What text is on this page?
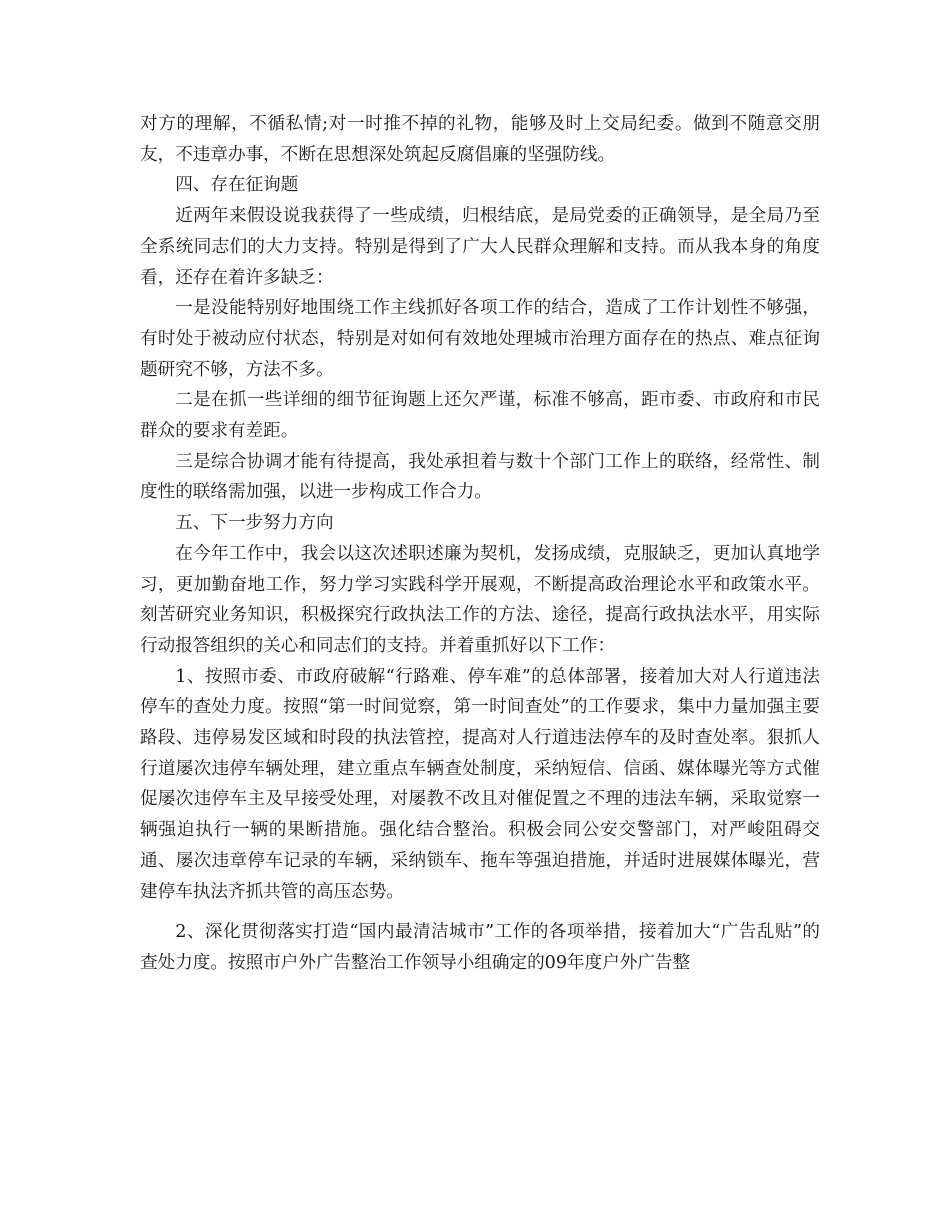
对方的理解，不循私情;对一时推不掉的礼物，能够及时上交局纪委。做到不随意交朋友，不违章办事，不断在思想深处筑起反腐倡廉的坚强防线。

四、存在征询题

近两年来假设说我获得了一些成绩，归根结底，是局党委的正确领导，是全局乃至全系统同志们的大力支持。特别是得到了广大人民群众理解和支持。而从我本身的角度看，还存在着许多缺乏：

一是没能特别好地围绕工作主线抓好各项工作的结合，造成了工作计划性不够强，有时处于被动应付状态，特别是对如何有效地处理城市治理方面存在的热点、难点征询题研究不够，方法不多。

二是在抓一些详细的细节征询题上还欠严谨，标准不够高，距市委、市政府和市民群众的要求有差距。

三是综合协调才能有待提高，我处承担着与数十个部门工作上的联络，经常性、制度性的联络需加强，以进一步构成工作合力。

五、下一步努力方向

在今年工作中，我会以这次述职述廉为契机，发扬成绩，克服缺乏，更加认真地学习，更加勤奋地工作，努力学习实践科学开展观，不断提高政治理论水平和政策水平。刻苦研究业务知识，积极探究行政执法工作的方法、途径，提高行政执法水平，用实际行动报答组织的关心和同志们的支持。并着重抓好以下工作：

1、按照市委、市政府破解“行路难、停车难”的总体部署，接着加大对人行道违法停车的查处力度。按照“第一时间觉察，第一时间查处”的工作要求，集中力量加强主要路段、违停易发区域和时段的执法管控，提高对人行道违法停车的及时查处率。狠抓人行道屡次违停车辆处理，建立重点车辆查处制度，采纳短信、信函、媒体曝光等方式催促屡次违停车主及早接受处理，对屡教不改且对催促置之不理的违法车辆，采取觉察一辆强迫执行一辆的果断措施。强化结合整治。积极会同公安交警部门，对严峻阻碍交通、屡次违章停车记录的车辆，采纳锁车、拖车等强迫措施，并适时进展媒体曝光，营建停车执法齐抓共管的高压态势。

2、深化贯彻落实打造“国内最清洁城市”工作的各项举措，接着加大“广告乱贴”的查处力度。按照市户外广告整治工作领导小组确定的09年度户外广告整
